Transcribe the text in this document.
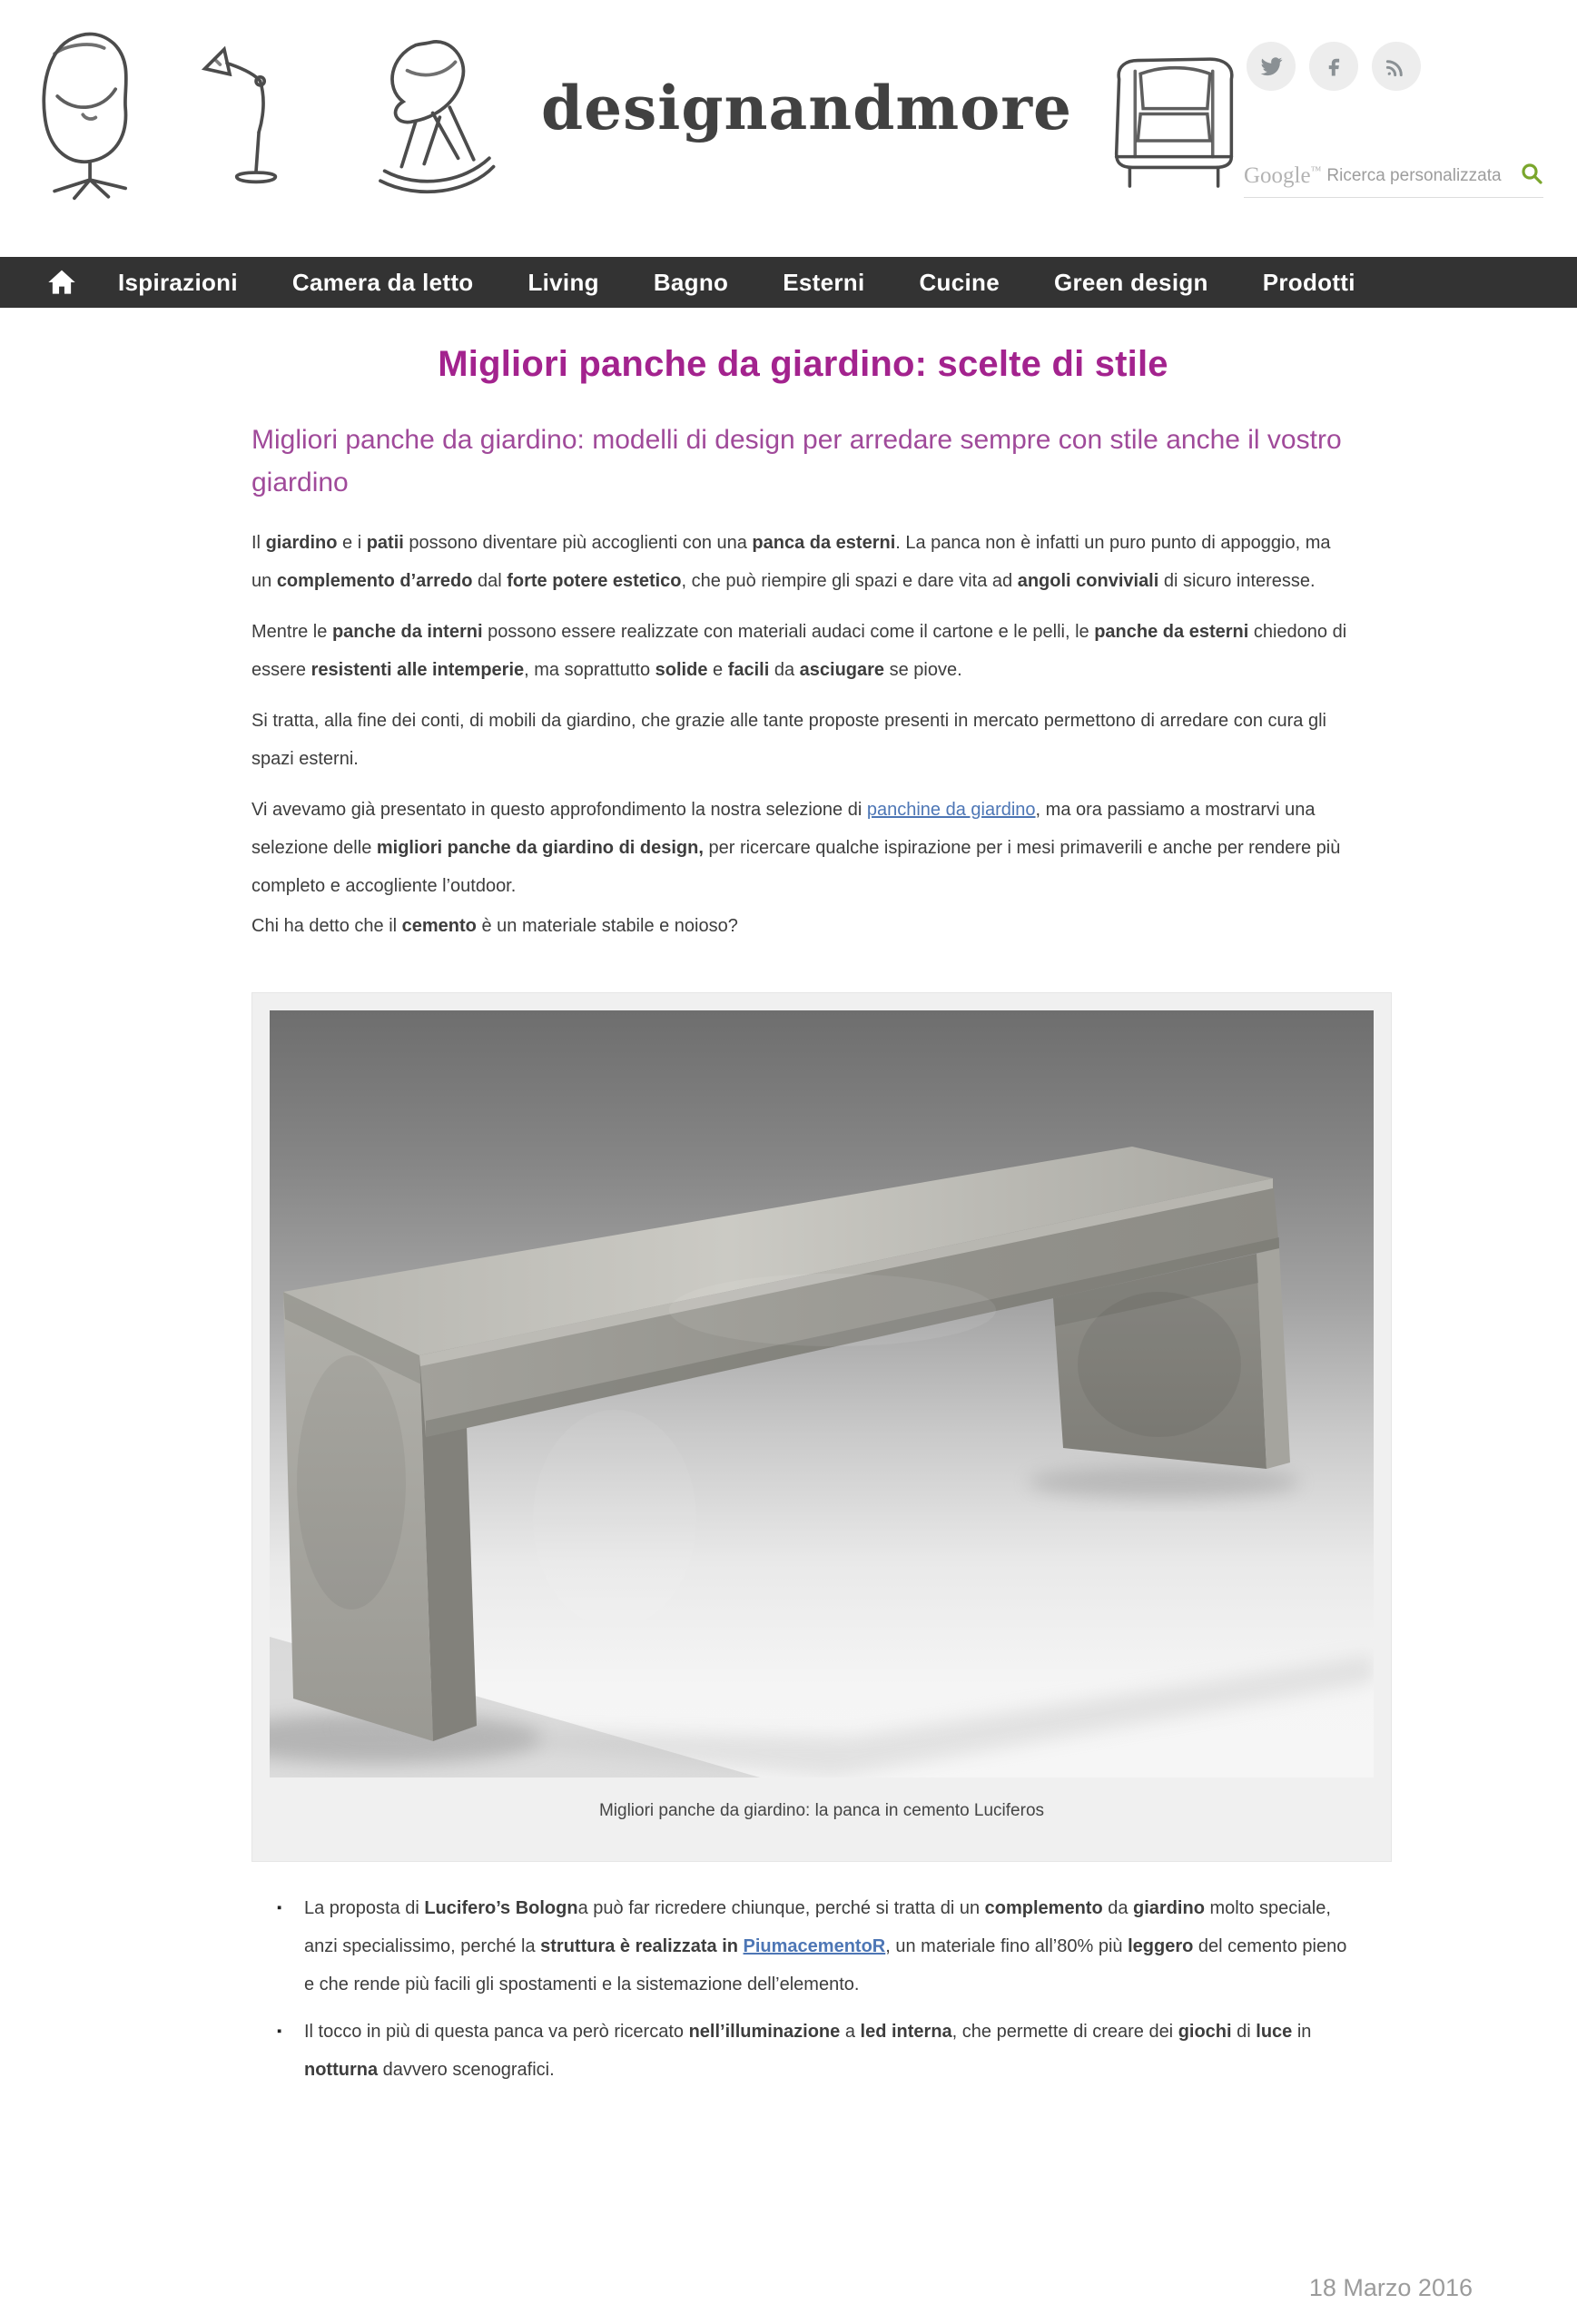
designandmore
Google™
Ricerca personalizzata
Ispirazioni Camera da letto Living Bagno Esterni Cucine Green design Prodotti
Migliori panche da giardino: scelte di stile
Migliori panche da giardino: modelli di design per arredare sempre con stile anche il vostro giardino

Il giardino e i patii possono diventare più accoglienti con una panca da esterni. La panca non è infatti un puro punto di appoggio, ma un complemento d’arredo dal forte potere estetico, che può riempire gli spazi e dare vita ad angoli conviviali di sicuro interesse.

Mentre le panche da interni possono essere realizzate con materiali audaci come il cartone e le pelli, le panche da esterni chiedono di essere resistenti alle intemperie, ma soprattutto solide e facili da asciugare se piove.

Si tratta, alla fine dei conti, di mobili da giardino, che grazie alle tante proposte presenti in mercato permettono di arredare con cura gli spazi esterni.

Vi avevamo già presentato in questo approfondimento la nostra selezione di panchine da giardino, ma ora passiamo a mostrarvi una selezione delle migliori panche da giardino di design, per ricercare qualche ispirazione per i mesi primaverili e anche per rendere più completo e accogliente l’outdoor.

Chi ha detto che il cemento è un materiale stabile e noioso?

Migliori panche da giardino: la panca in cemento Luciferos
▪ La proposta di Lucifero’s Bologna può far ricredere chiunque, perché si tratta di un complemento da giardino molto speciale, anzi specialissimo, perché la struttura è realizzata in PiumacementoR, un materiale fino all’80% più leggero del cemento pieno e che rende più facili gli spostamenti e la sistemazione dell’elemento.
▪ Il tocco in più di questa panca va però ricercato nell’illuminazione a led interna, che permette di creare dei giochi di luce in notturna davvero scenografici.
18 Marzo 2016
